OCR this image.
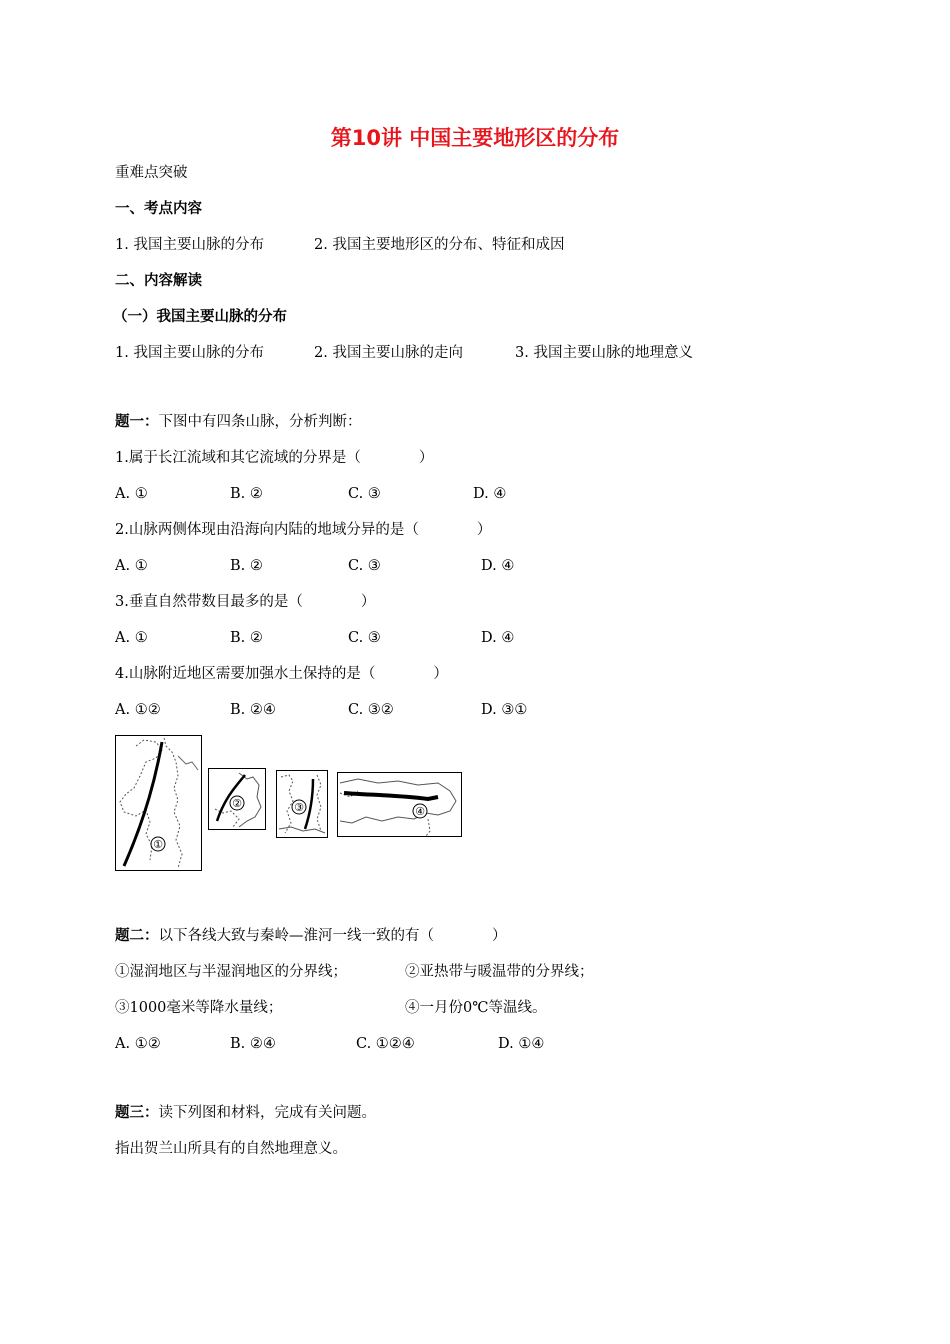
第10讲 中国主要地形区的分布
重难点突破
一、考点内容
1. 我国主要山脉的分布	2. 我国主要地形区的分布、特征和成因
二、内容解读
（一）我国主要山脉的分布
1. 我国主要山脉的分布	2. 我国主要山脉的走向	3. 我国主要山脉的地理意义
题一：下图中有四条山脉，分析判断：
1.属于长江流域和其它流域的分界是（　　　　）
A. ①	B. ②	C. ③	D. ④
2.山脉两侧体现由沿海向内陆的地域分异的是（　　　　）
A. ①	B. ②	C. ③	D. ④
3.垂直自然带数目最多的是（　　　　）
A. ①	B. ②	C. ③	D. ④
4.山脉附近地区需要加强水土保持的是（　　　　）
A. ①②	B. ②④	C. ③②	D. ③①
①
②	③	④
题二：以下各线大致与秦岭—淮河一线一致的有（　　　　）
①湿润地区与半湿润地区的分界线；	②亚热带与暖温带的分界线；
③1000毫米等降水量线；	④一月份0℃等温线。
A. ①②	B. ②④	C. ①②④	D. ①④
题三：读下列图和材料，完成有关问题。
指出贺兰山所具有的自然地理意义。
